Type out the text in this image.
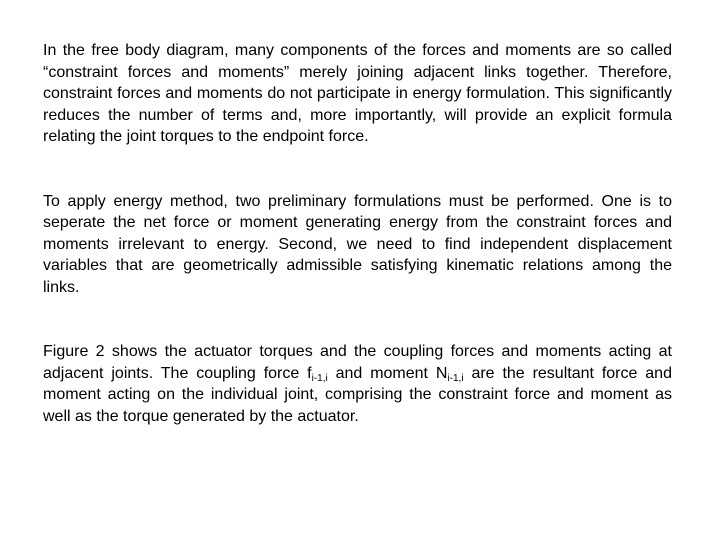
In the free body diagram, many components of the forces and moments are so called “constraint forces and moments” merely joining adjacent links together. Therefore, constraint forces and moments do not participate in energy formulation. This significantly reduces the number of terms and, more importantly, will provide an explicit formula relating the joint torques to the endpoint force.

To apply energy method, two preliminary formulations must be performed. One is to seperate the net force or moment generating energy from the constraint forces and moments irrelevant to energy. Second, we need to find independent displacement variables that are geometrically admissible satisfying kinematic relations among the links.

Figure 2 shows the actuator torques and the coupling forces and moments acting at adjacent joints. The coupling force $f_{i-1,i}$ and moment $N_{i-1,i}$ are the resultant force and moment acting on the individual joint, comprising the constraint force and moment as well as the torque generated by the actuator.
